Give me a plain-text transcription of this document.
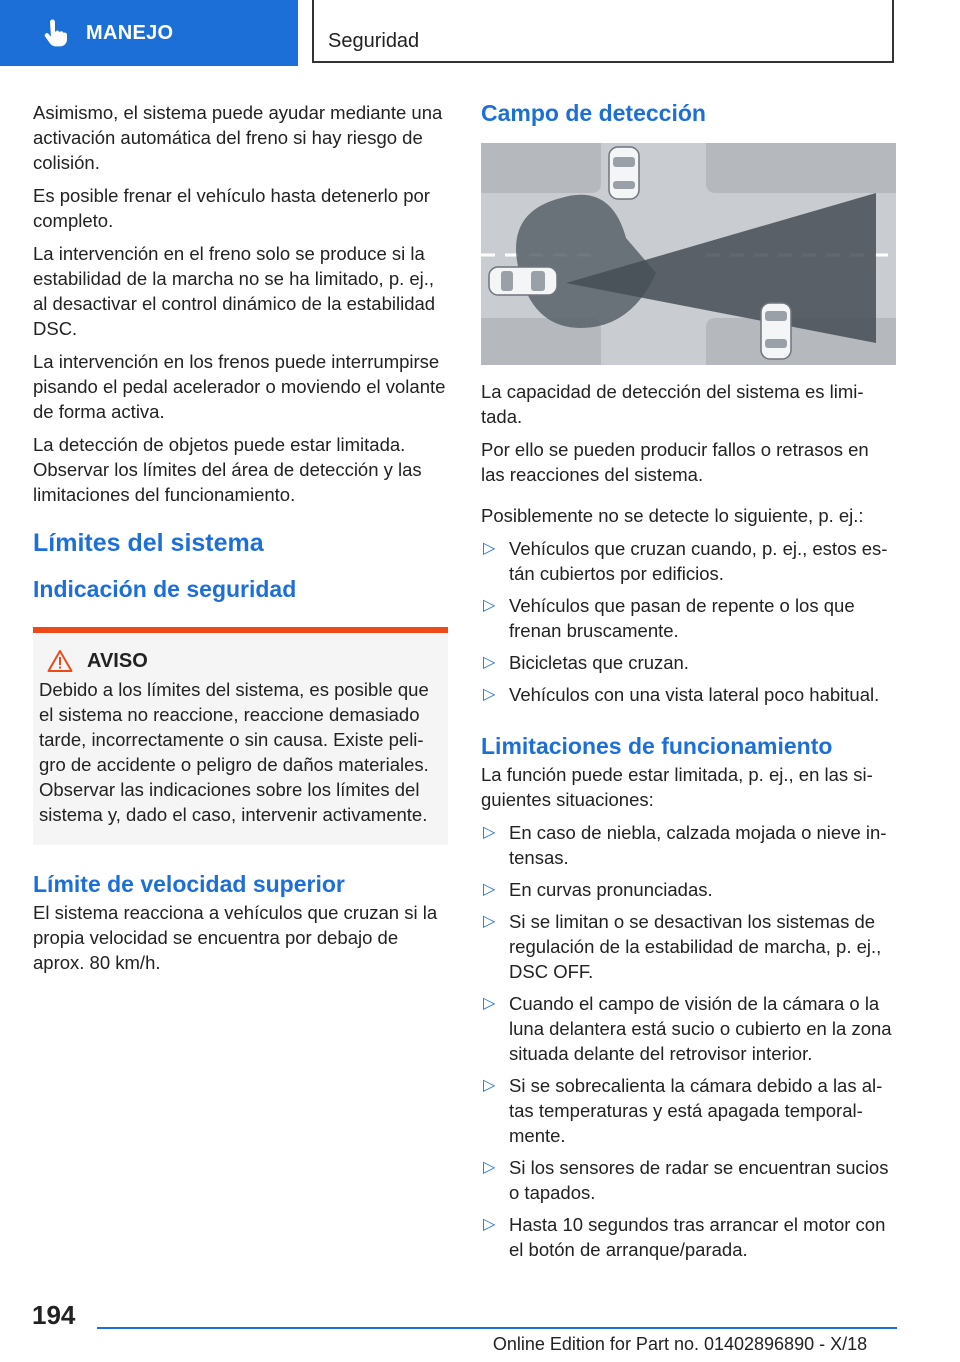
MANEJO	Seguridad

Asimismo, el sistema puede ayudar mediante una activación automática del freno si hay riesgo de colisión.

Es posible frenar el vehículo hasta detenerlo por completo.

La intervención en el freno solo se produce si la estabilidad de la marcha no se ha limitado, p. ej., al desactivar el control dinámico de la estabilidad DSC.

La intervención en los frenos puede interrumpirse pisando el pedal acelerador o moviendo el volante de forma activa.

La detección de objetos puede estar limitada. Observar los límites del área de detección y las limitaciones del funcionamiento.

Límites del sistema
Indicación de seguridad
AVISO

Debido a los límites del sistema, es posible que el sistema no reaccione, reaccione demasiado tarde, incorrectamente o sin causa. Existe peligro de accidente o peligro de daños materiales. Observar las indicaciones sobre los límites del sistema y, dado el caso, intervenir activamente.

Límite de velocidad superior

El sistema reacciona a vehículos que cruzan si la propia velocidad se encuentra por debajo de aprox. 80 km/h.

Campo de detección

La capacidad de detección del sistema es limitada.

Por ello se pueden producir fallos o retrasos en las reacciones del sistema.

Posiblemente no se detecte lo siguiente, p. ej.:

▷ Vehículos que cruzan cuando, p. ej., estos están cubiertos por edificios.
▷ Vehículos que pasan de repente o los que frenan bruscamente.
▷ Bicicletas que cruzan.
▷ Vehículos con una vista lateral poco habitual.
Limitaciones de funcionamiento

La función puede estar limitada, p. ej., en las siguientes situaciones:

▷ En caso de niebla, calzada mojada o nieve intensas.
▷ En curvas pronunciadas.
▷ Si se limitan o se desactivan los sistemas de regulación de la estabilidad de marcha, p. ej., DSC OFF.
▷ Cuando el campo de visión de la cámara o la luna delantera está sucio o cubierto en la zona situada delante del retrovisor interior.
▷ Si se sobrecalienta la cámara debido a las altas temperaturas y está apagada temporalmente.
▷ Si los sensores de radar se encuentran sucios o tapados.
▷ Hasta 10 segundos tras arrancar el motor con el botón de arranque/parada.
194
Online Edition for Part no. 01402896890 - X/18
